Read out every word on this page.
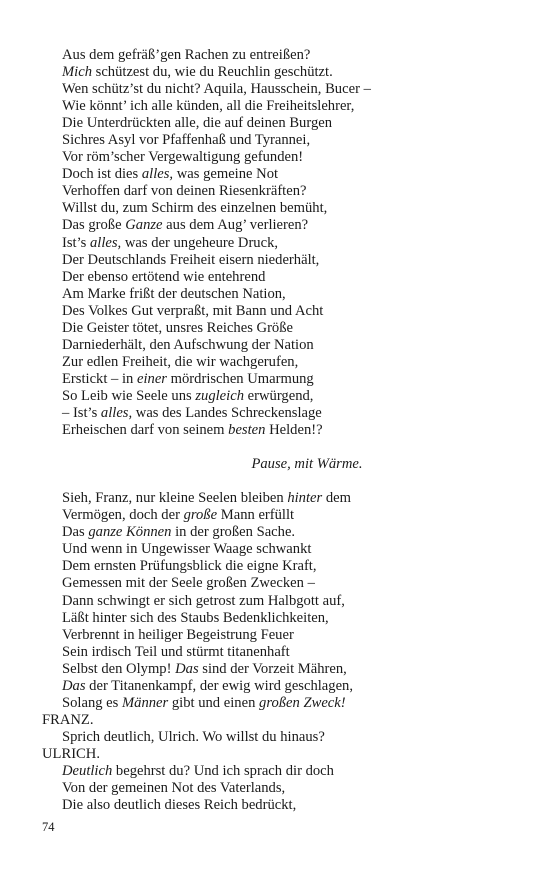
Aus dem gefräß’gen Rachen zu entreißen?
Mich schützest du, wie du Reuchlin geschützt.
Wen schütz’st du nicht? Aquila, Hausschein, Bucer –
Wie könnt’ ich alle künden, all die Freiheitslehrer,
Die Unterdrückten alle, die auf deinen Burgen
Sichres Asyl vor Pfaffenhaß und Tyrannei,
Vor röm’scher Vergewaltigung gefunden!
Doch ist dies alles, was gemeine Not
Verhoffen darf von deinen Riesenkräften?
Willst du, zum Schirm des einzelnen bemüht,
Das große Ganze aus dem Aug’ verlieren?
Ist’s alles, was der ungeheure Druck,
Der Deutschlands Freiheit eisern niederhält,
Der ebenso ertötend wie entehrend
Am Marke frißt der deutschen Nation,
Des Volkes Gut verpraßt, mit Bann und Acht
Die Geister tötet, unsres Reiches Größe
Darniederhält, den Aufschwung der Nation
Zur edlen Freiheit, die wir wachgerufen,
Erstickt – in einer mördrischen Umarmung
So Leib wie Seele uns zugleich erwürgend,
– Ist’s alles, was des Landes Schreckenslage
Erheischen darf von seinem besten Helden!?
Pause, mit Wärme.
Sieh, Franz, nur kleine Seelen bleiben hinter dem
Vermögen, doch der große Mann erfüllt
Das ganze Können in der großen Sache.
Und wenn in Ungewisser Waage schwankt
Dem ernsten Prüfungsblick die eigne Kraft,
Gemessen mit der Seele großen Zwecken –
Dann schwingt er sich getrost zum Halbgott auf,
Läßt hinter sich des Staubs Bedenklichkeiten,
Verbrennt in heiliger Begeistrung Feuer
Sein irdisch Teil und stürmt titanenhaft
Selbst den Olymp! Das sind der Vorzeit Mähren,
Das der Titanenkampf, der ewig wird geschlagen,
Solang es Männer gibt und einen großen Zweck!
FRANZ.
Sprich deutlich, Ulrich. Wo willst du hinaus?
ULRICH.
Deutlich begehrst du? Und ich sprach dir doch
Von der gemeinen Not des Vaterlands,
Die also deutlich dieses Reich bedrückt,
74
